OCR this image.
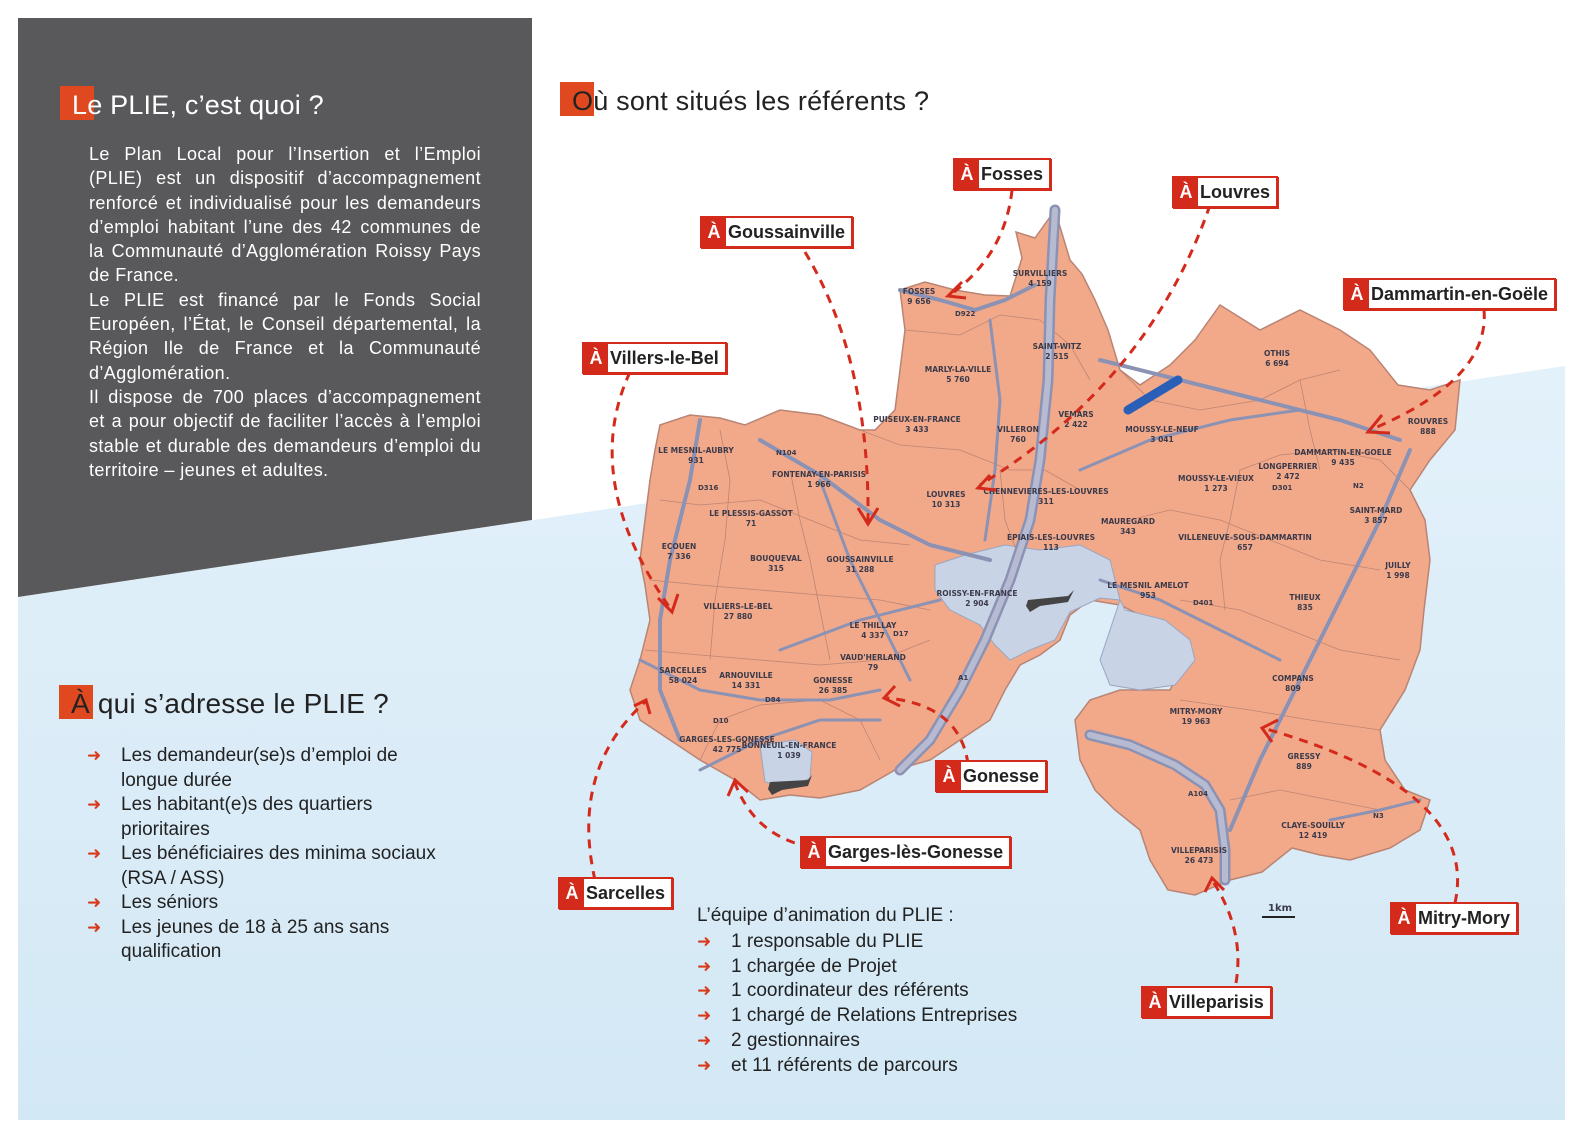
1km
FOSSES
9 656
SURVILLIERS
4 159
SAINT-WITZ
2 515
MARLY-LA-VILLE
5 760
OTHIS
6 694
PUISEUX-EN-FRANCE
3 433
VEMARS
2 422
VILLERON
760
MOUSSY-LE-NEUF
3 041
ROUVRES
888
LE MESNIL-AUBRY
931
DAMMARTIN-EN-GOELE
9 435
FONTENAY-EN-PARISIS
1 966
LONGPERRIER
2 472
MOUSSY-LE-VIEUX
1 273
LOUVRES
10 313
CHENNEVIERES-LES-LOUVRES
311
LE PLESSIS-GASSOT
71
SAINT-MARD
3 857
MAUREGARD
343
EPIAIS-LES-LOUVRES
113
VILLENEUVE-SOUS-DAMMARTIN
657
ECOUEN
7 336	BOUQUEVAL
315
GOUSSAINVILLE
31 288	JUILLY
1 998
LE MESNIL AMELOT
953
ROISSY-EN-FRANCE
2 904
THIEUX
835
VILLIERS-LE-BEL
27 880
LE THILLAY
4 337
VAUD'HERLAND
79
SARCELLES
58 024
ARNOUVILLE
14 331
COMPANS
809
GONESSE
26 385
MITRY-MORY
19 963
GARGES-LES-GONESSE
42 775 BONNEUIL-EN-FRANCE
1 039	GRESSY
889
CLAYE-SOUILLY
12 419
VILLEPARISIS
26 473
D922
N104
D316	D301	N2
D17
D401
D84
D10
N3
A104
A1
Le PLIE, c’est quoi ?

Le Plan Local pour l’Insertion et l’Emploi (PLIE) est un dispositif d’accompagnement renforcé et individualisé pour les demandeurs d’emploi habitant l’une des 42 communes de la Communauté d’Agglomération Roissy Pays de France.

Le PLIE est financé par le Fonds Social Européen, l’État, le Conseil départemental, la Région Ile de France et la Communauté d’Agglomération.

Il dispose de 700 places d’accompagnement et a pour objectif de faciliter l’accès à l’emploi stable et durable des demandeurs d’emploi du territoire – jeunes et adultes.

Où sont situés les référents ?
À Fosses
À Louvres
À Goussainville
À Dammartin-en-Goële
À Villers-le-Bel
À Gonesse
À Garges-lès-Gonesse
À Sarcelles
À Mitry-Mory
À Villeparisis
À qui s’adresse le PLIE ?
➜ Les demandeur(se)s d’emploi de longue durée
➜ Les habitant(e)s des quartiers prioritaires
➜ Les bénéficiaires des minima sociaux (RSA / ASS)
➜ Les séniors
➜ Les jeunes de 18 à 25 ans sans qualification
L’équipe d’animation du PLIE :
➜ 1 responsable du PLIE
➜ 1 chargée de Projet
➜ 1 coordinateur des référents
➜ 1 chargé de Relations Entreprises
➜ 2 gestionnaires
➜ et 11 référents de parcours
